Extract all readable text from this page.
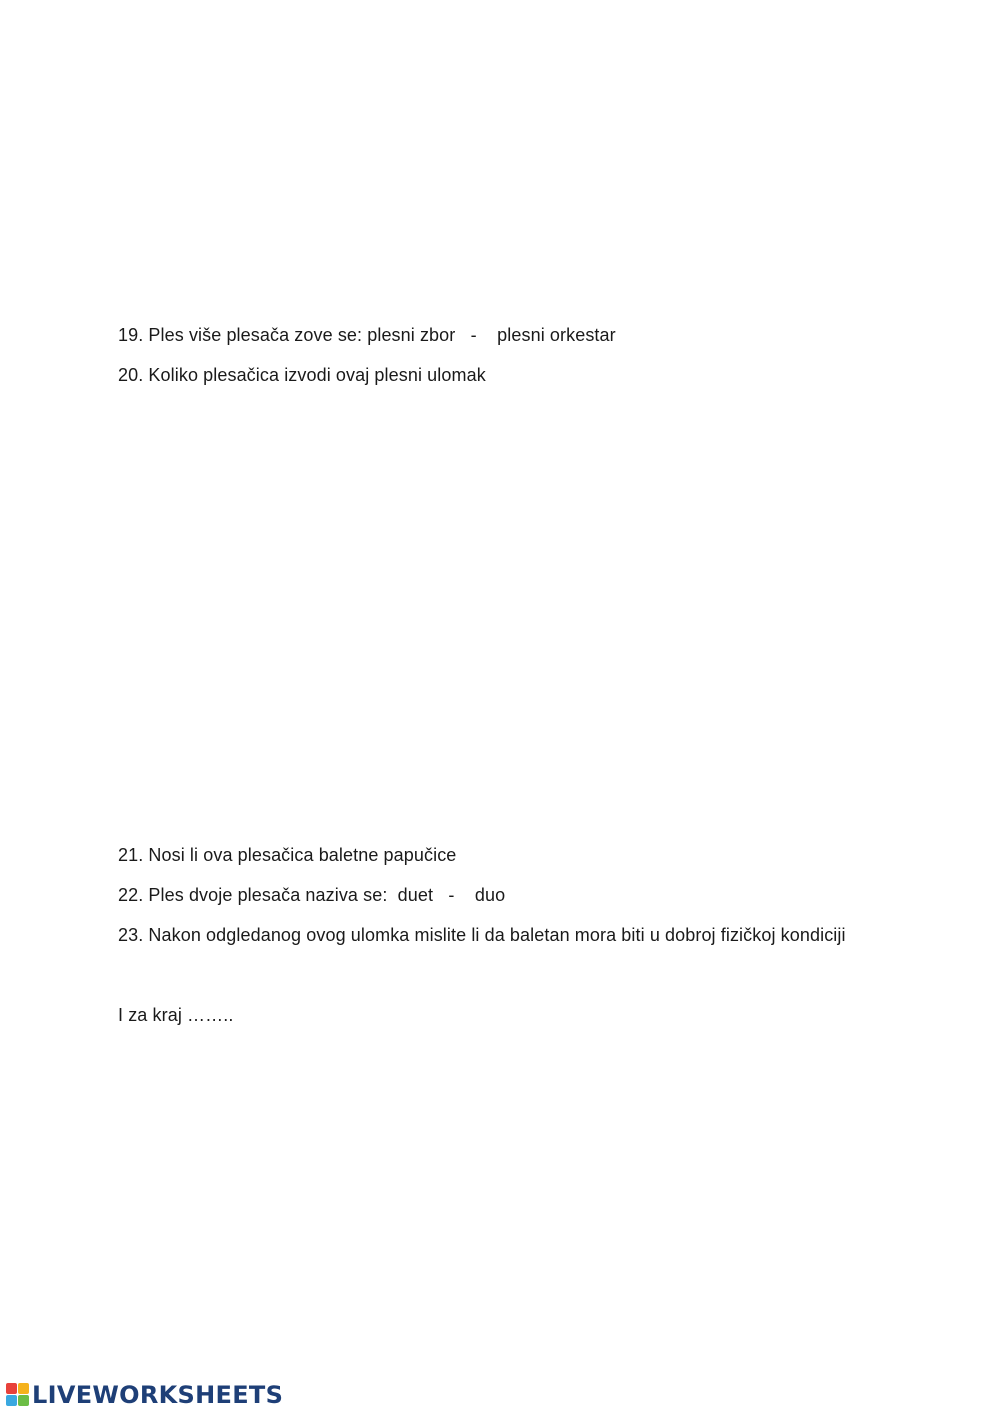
19. Ples više plesača zove se: plesni zbor   -    plesni orkestar
20. Koliko plesačica izvodi ovaj plesni ulomak
21. Nosi li ova plesačica baletne papučice
22. Ples dvoje plesača naziva se:  duet   -    duo
23. Nakon odgledanog ovog ulomka mislite li da baletan mora biti u dobroj fizičkoj kondiciji
I za kraj ……..
LIVEWORKSHEETS
